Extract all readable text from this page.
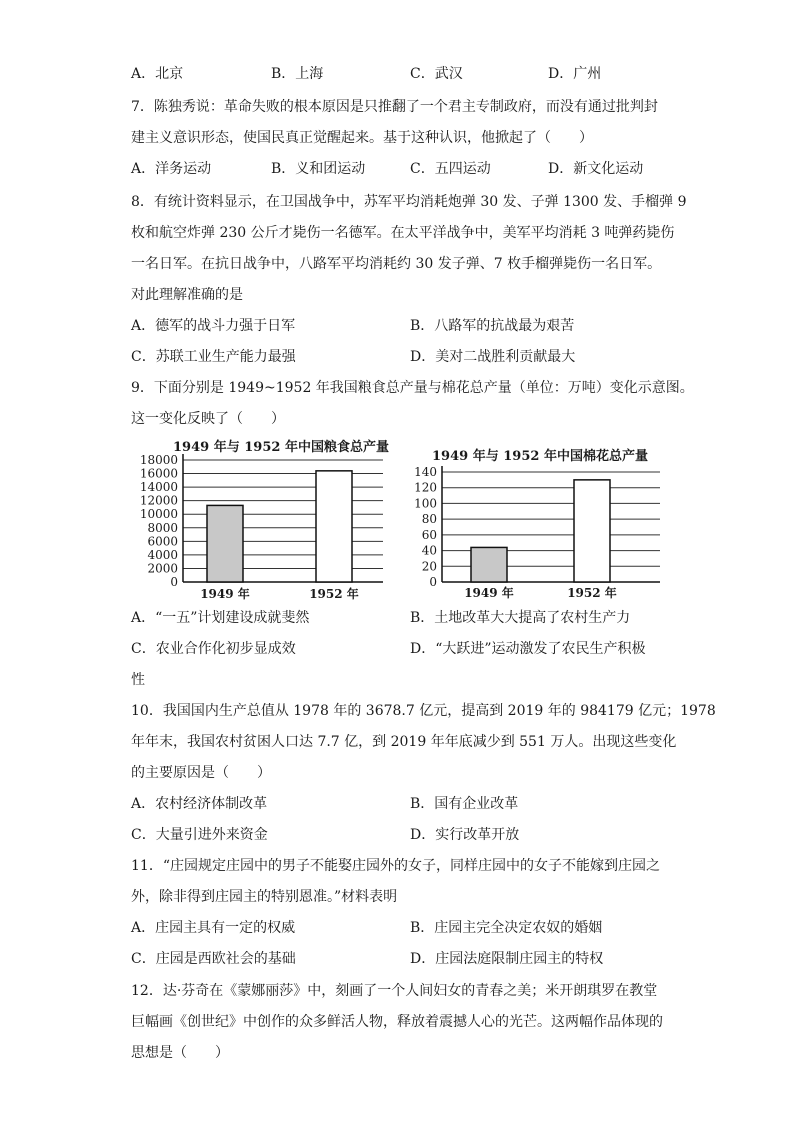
A．北京	B．上海	C．武汉	D．广州
7．陈独秀说：革命失败的根本原因是只推翻了一个君主专制政府，而没有通过批判封
建主义意识形态，使国民真正觉醒起来。基于这种认识，他掀起了（　　）
A．洋务运动	B．义和团运动	C．五四运动	D．新文化运动
8．有统计资料显示，在卫国战争中，苏军平均消耗炮弹 30 发、子弹 1300 发、手榴弹 9
枚和航空炸弹 230 公斤才毙伤一名德军。在太平洋战争中，美军平均消耗 3 吨弹药毙伤
一名日军。在抗日战争中，八路军平均消耗约 30 发子弹、7 枚手榴弹毙伤一名日军。
对此理解准确的是
A．德军的战斗力强于日军	B．八路军的抗战最为艰苦
C．苏联工业生产能力最强	D．美对二战胜利贡献最大
9．下面分别是 1949~1952 年我国粮食总产量与棉花总产量（单位：万吨）变化示意图。
这一变化反映了（　　）
1949 年与 1952 年中国粮食总产量
0
2000
4000
6000
8000
10000
12000
14000
16000
18000
1949 年	1952 年
1949 年与 1952 年中国棉花总产量
0
20
40
60
80
100
120
140
1949 年	1952 年
A．“一五”计划建设成就斐然	B．土地改革大大提高了农村生产力
C．农业合作化初步显成效	D．“大跃进”运动激发了农民生产积极
性
10．我国国内生产总值从 1978 年的 3678.7 亿元，提高到 2019 年的 984179 亿元；1978
年年末，我国农村贫困人口达 7.7 亿，到 2019 年年底减少到 551 万人。出现这些变化
的主要原因是（　　）
A．农村经济体制改革	B．国有企业改革
C．大量引进外来资金	D．实行改革开放
11．“庄园规定庄园中的男子不能娶庄园外的女子，同样庄园中的女子不能嫁到庄园之
外，除非得到庄园主的特别恩准。”材料表明
A．庄园主具有一定的权威	B．庄园主完全决定农奴的婚姻
C．庄园是西欧社会的基础	D．庄园法庭限制庄园主的特权
12．达·芬奇在《蒙娜丽莎》中，刻画了一个人间妇女的青春之美；米开朗琪罗在教堂
巨幅画《创世纪》中创作的众多鲜活人物，释放着震撼人心的光芒。这两幅作品体现的
思想是（　　）
